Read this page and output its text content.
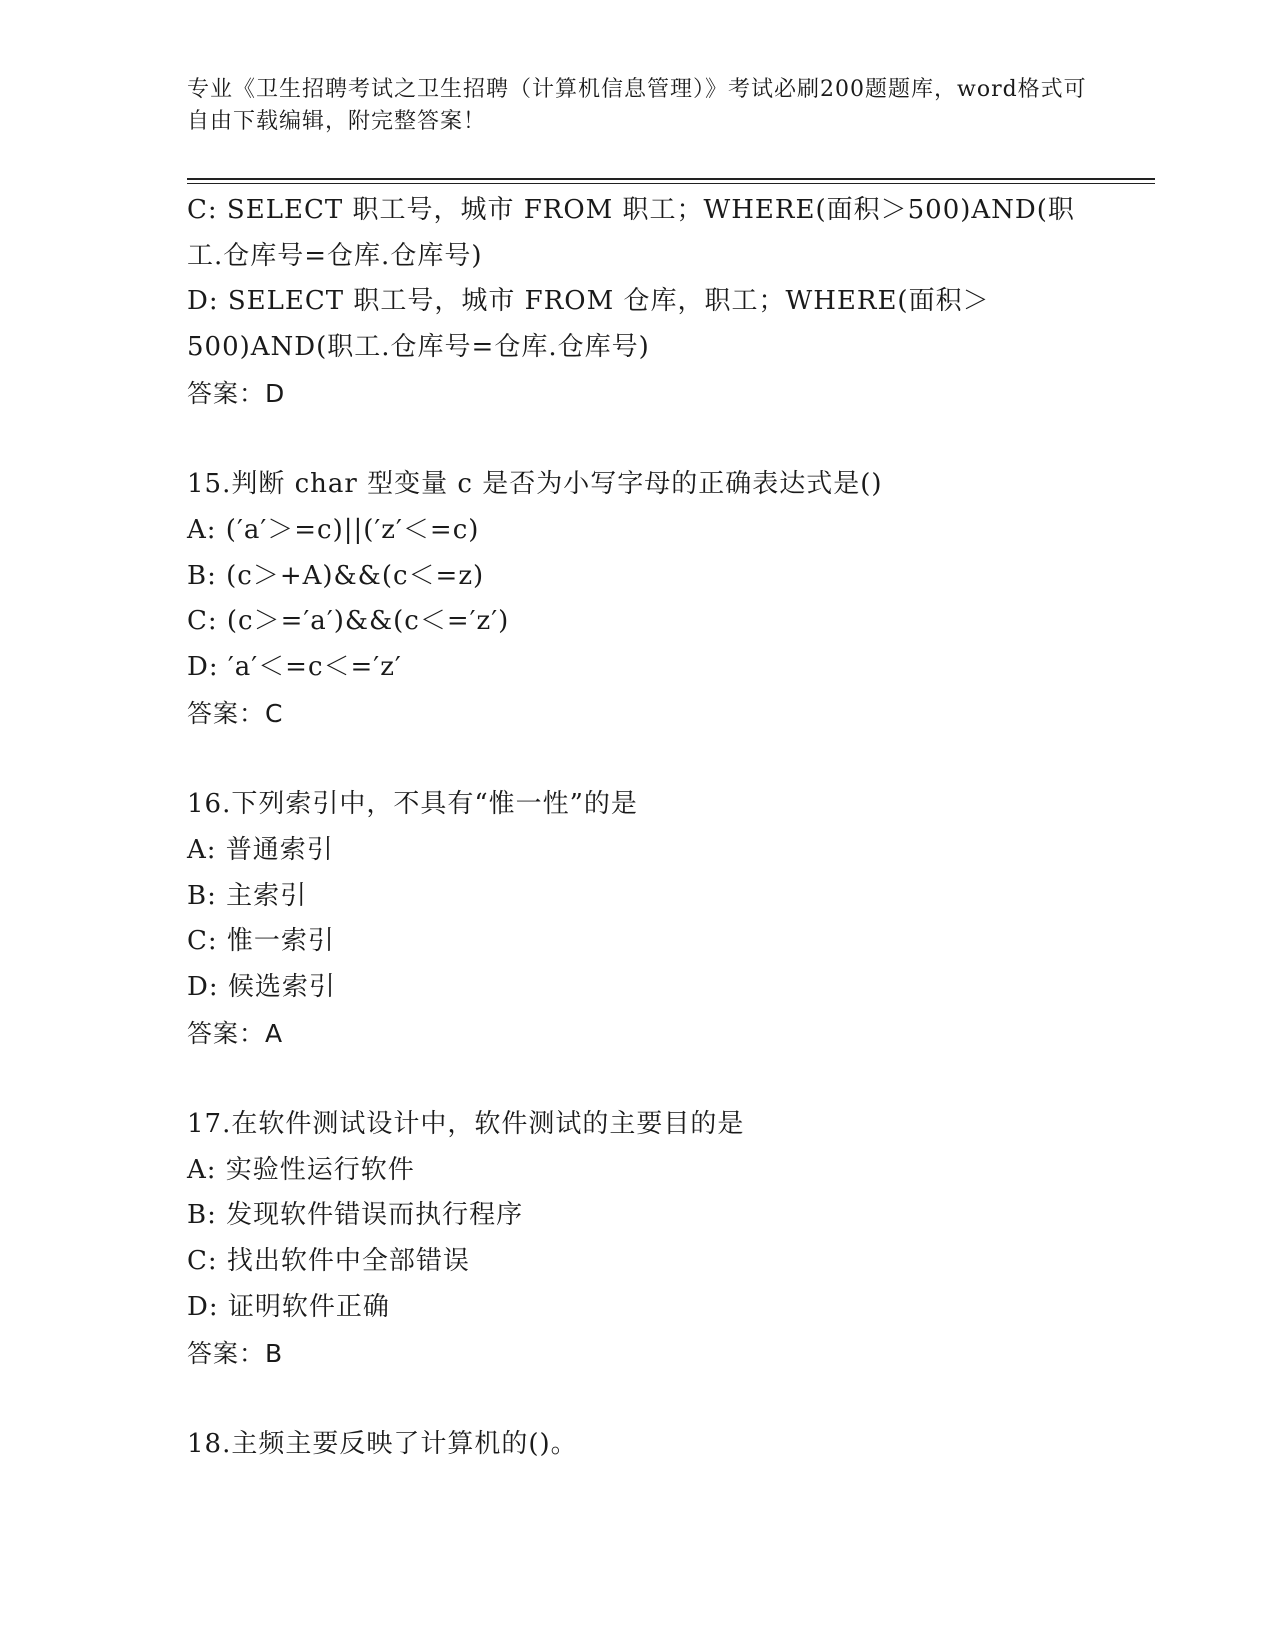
专业《卫生招聘考试之卫生招聘（计算机信息管理）》考试必刷200题题库，word格式可自由下载编辑，附完整答案！
C: SELECT 职工号，城市 FROM 职工；WHERE(面积＞500)AND(职工.仓库号=仓库.仓库号)
D: SELECT 职工号，城市 FROM 仓库，职工；WHERE(面积＞500)AND(职工.仓库号=仓库.仓库号)
答案：D
15.判断 char 型变量 c 是否为小写字母的正确表达式是()
A: (′a′＞=c)||(′z′＜=c)
B: (c＞+A)&&(c＜=z)
C: (c＞=′a′)&&(c＜=′z′)
D: ′a′＜=c＜=′z′
答案：C
16.下列索引中，不具有“惟一性”的是
A: 普通索引
B: 主索引
C: 惟一索引
D: 候选索引
答案：A
17.在软件测试设计中，软件测试的主要目的是
A: 实验性运行软件
B: 发现软件错误而执行程序
C: 找出软件中全部错误
D: 证明软件正确
答案：B
18.主频主要反映了计算机的()。
